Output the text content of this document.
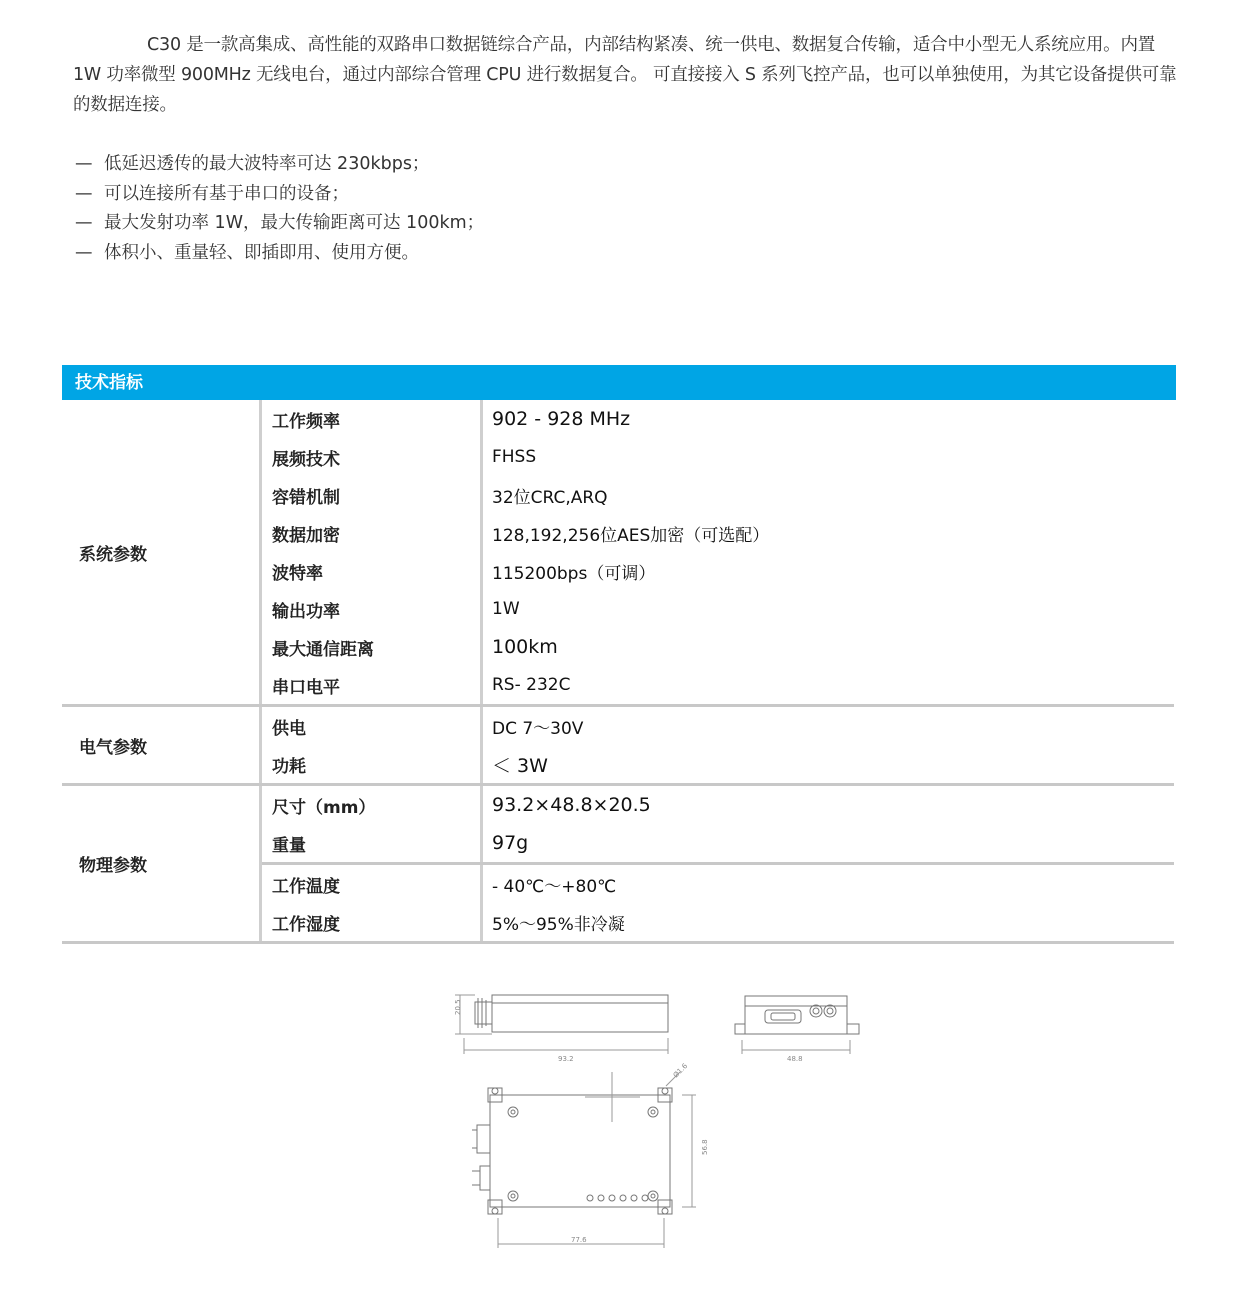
C30 是一款高集成、高性能的双路串口数据链综合产品，内部结构紧凑、统一供电、数据复合传输，适合中小型无人系统应用。内置 1W 功率微型 900MHz 无线电台，通过内部综合管理 CPU 进行数据复合。 可直接接入 S 系列飞控产品，也可以单独使用，为其它设备提供可靠的数据连接。
— 低延迟透传的最大波特率可达 230kbps；
— 可以连接所有基于串口的设备；
— 最大发射功率 1W，最大传输距离可达 100km；
— 体积小、重量轻、即插即用、使用方便。
技术指标
系统参数
工作频率	902 - 928 MHz
展频技术	FHSS
容错机制	32位CRC,ARQ
数据加密	128,192,256位AES加密（可选配）
波特率	115200bps（可调）
输出功率	1W
最大通信距离	100km
串口电平	RS- 232C
电气参数
供电	DC 7～30V
功耗	＜ 3W
物理参数
尺寸（mm）	93.2×48.8×20.5
重量	97g
工作温度	- 40℃～+80℃
工作湿度	5%～95%非冷凝
20.5
93.2	48.8
56.8
77.6
Ø1.6
